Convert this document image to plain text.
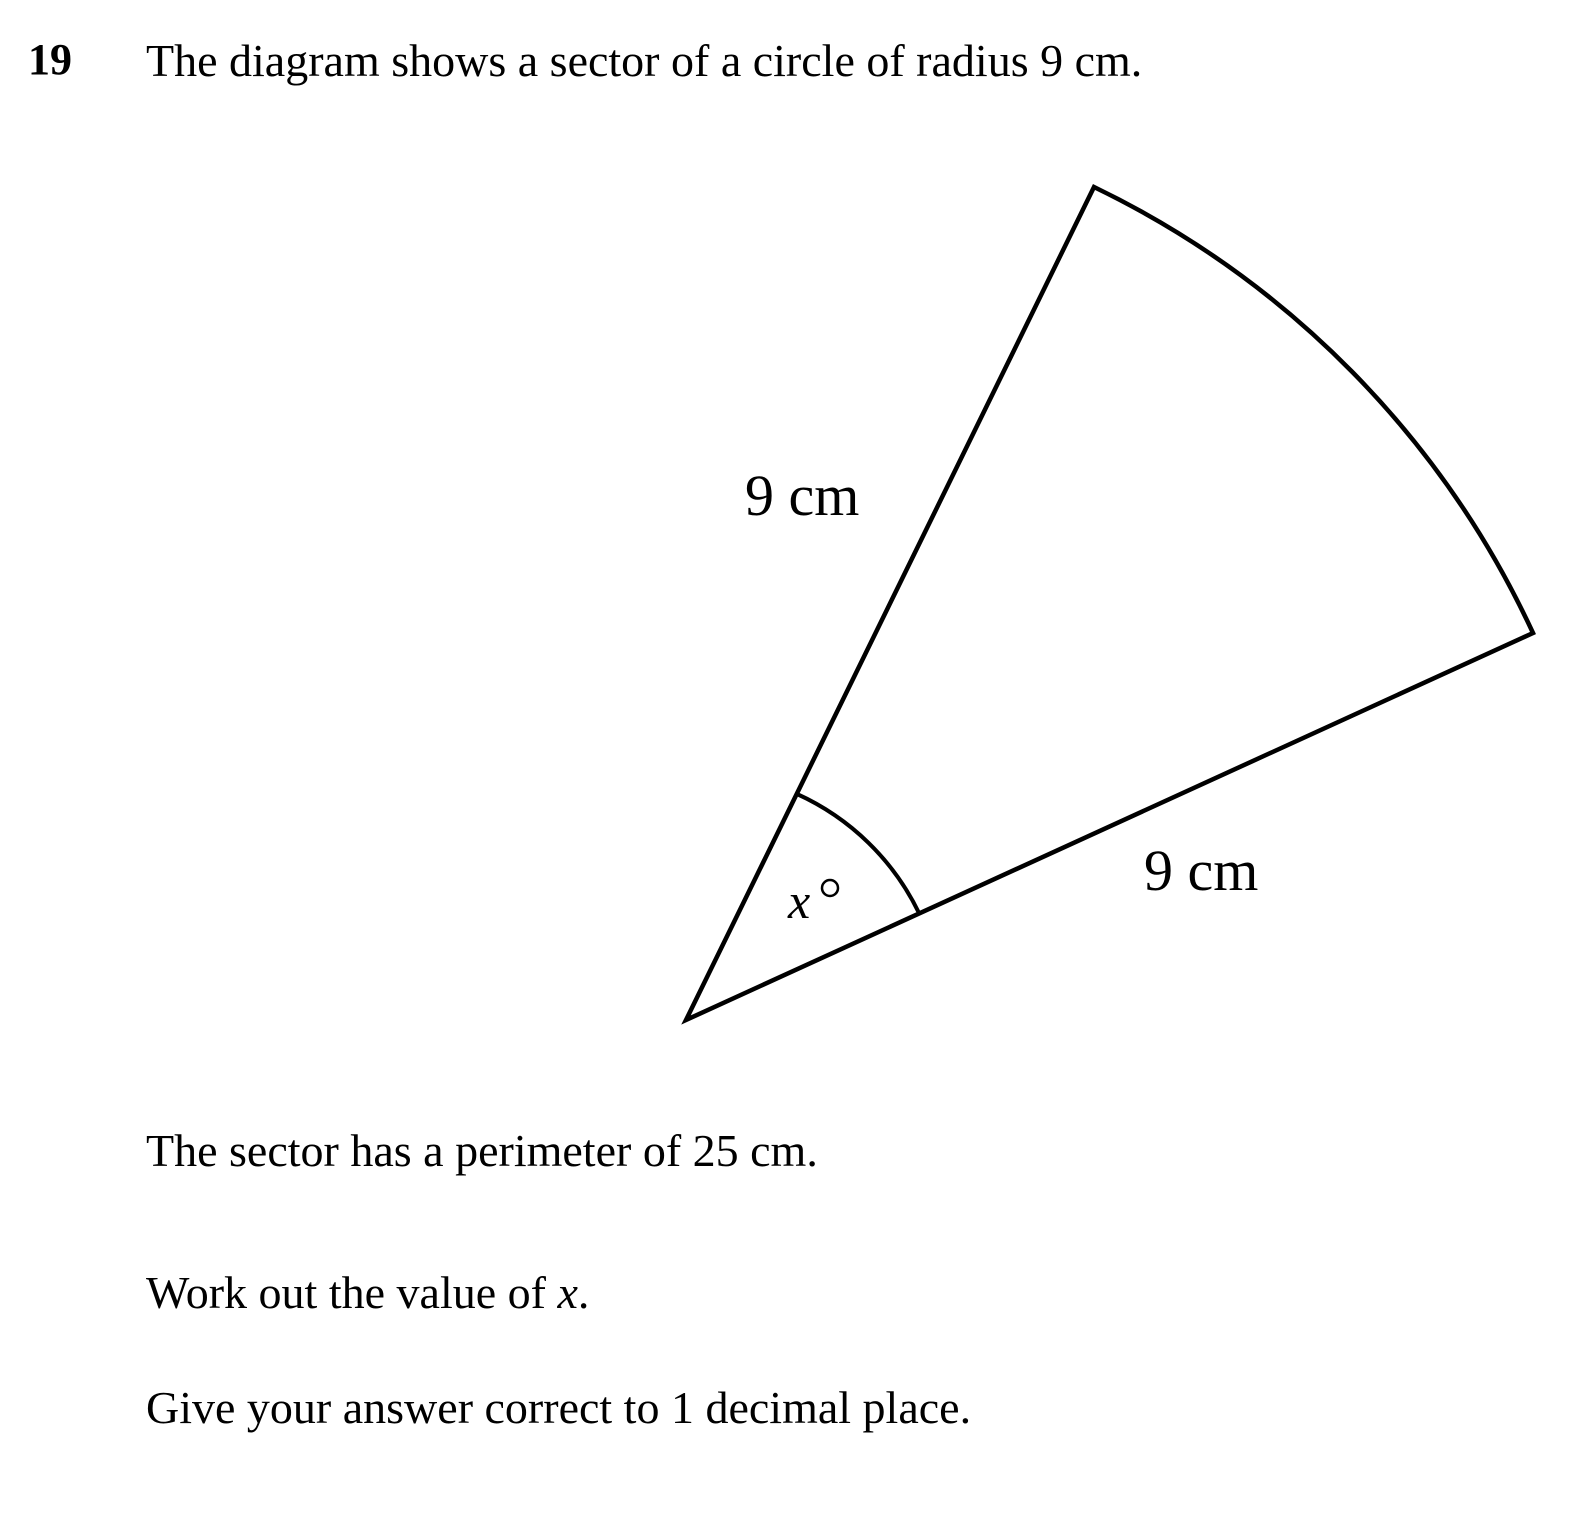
19 The diagram shows a sector of a circle of radius 9 cm.
9 cm
9 cm
x
The sector has a perimeter of 25 cm.
Work out the value of x.
Give your answer correct to 1 decimal place.
